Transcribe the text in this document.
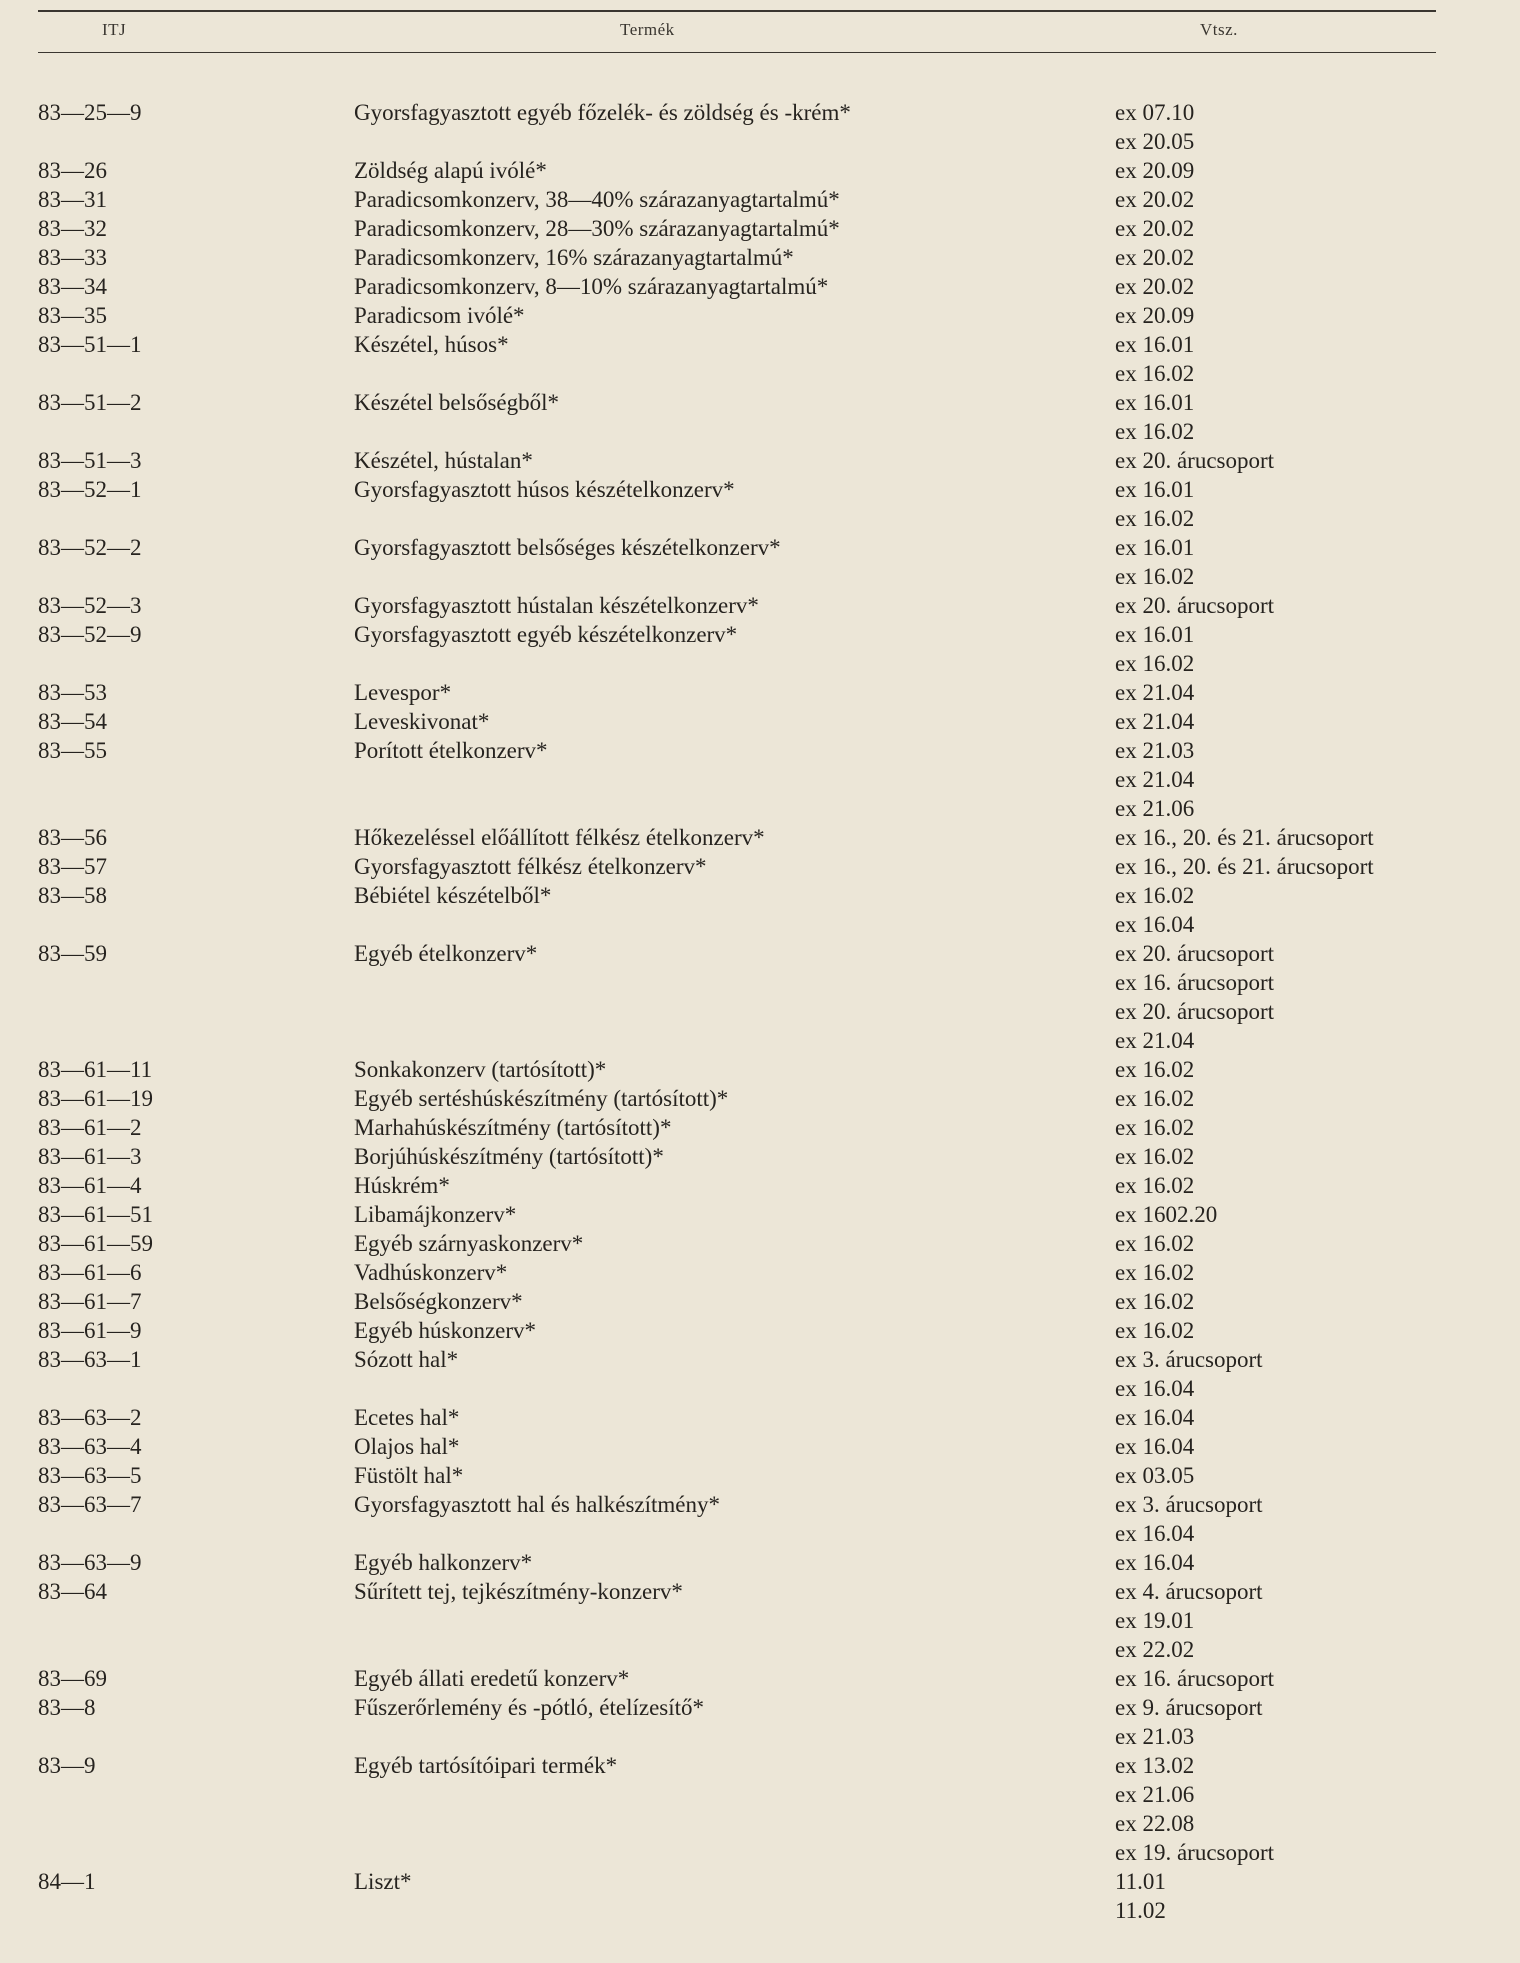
ITJ	Termék	Vtsz.
83—25—9	Gyorsfagyasztott egyéb főzelék- és zöldség és -krém*	ex 07.10
ex 20.05
83—26	Zöldség alapú ivólé*	ex 20.09
83—31	Paradicsomkonzerv, 38—40% szárazanyagtartalmú*	ex 20.02
83—32	Paradicsomkonzerv, 28—30% szárazanyagtartalmú*	ex 20.02
83—33	Paradicsomkonzerv, 16% szárazanyagtartalmú*	ex 20.02
83—34	Paradicsomkonzerv, 8—10% szárazanyagtartalmú*	ex 20.02
83—35	Paradicsom ivólé*	ex 20.09
83—51—1	Készétel, húsos*	ex 16.01
ex 16.02
83—51—2	Készétel belsőségből*	ex 16.01
ex 16.02
83—51—3	Készétel, hústalan*	ex 20. árucsoport
83—52—1	Gyorsfagyasztott húsos készételkonzerv*	ex 16.01
ex 16.02
83—52—2	Gyorsfagyasztott belsőséges készételkonzerv*	ex 16.01
ex 16.02
83—52—3	Gyorsfagyasztott hústalan készételkonzerv*	ex 20. árucsoport
83—52—9	Gyorsfagyasztott egyéb készételkonzerv*	ex 16.01
ex 16.02
83—53	Levespor*	ex 21.04
83—54	Leveskivonat*	ex 21.04
83—55	Porított ételkonzerv*	ex 21.03
ex 21.04
ex 21.06
83—56	Hőkezeléssel előállított félkész ételkonzerv*	ex 16., 20. és 21. árucsoport
83—57	Gyorsfagyasztott félkész ételkonzerv*	ex 16., 20. és 21. árucsoport
83—58	Bébiétel készételből*	ex 16.02
ex 16.04
83—59	Egyéb ételkonzerv*	ex 20. árucsoport
ex 16. árucsoport
ex 20. árucsoport
ex 21.04
83—61—11	Sonkakonzerv (tartósított)*	ex 16.02
83—61—19	Egyéb sertéshúskészítmény (tartósított)*	ex 16.02
83—61—2	Marhahúskészítmény (tartósított)*	ex 16.02
83—61—3	Borjúhúskészítmény (tartósított)*	ex 16.02
83—61—4	Húskrém*	ex 16.02
83—61—51	Libamájkonzerv*	ex 1602.20
83—61—59	Egyéb szárnyaskonzerv*	ex 16.02
83—61—6	Vadhúskonzerv*	ex 16.02
83—61—7	Belsőségkonzerv*	ex 16.02
83—61—9	Egyéb húskonzerv*	ex 16.02
83—63—1	Sózott hal*	ex 3. árucsoport
ex 16.04
83—63—2	Ecetes hal*	ex 16.04
83—63—4	Olajos hal*	ex 16.04
83—63—5	Füstölt hal*	ex 03.05
83—63—7	Gyorsfagyasztott hal és halkészítmény*	ex 3. árucsoport
ex 16.04
83—63—9	Egyéb halkonzerv*	ex 16.04
83—64	Sűrített tej, tejkészítmény-konzerv*	ex 4. árucsoport
ex 19.01
ex 22.02
83—69	Egyéb állati eredetű konzerv*	ex 16. árucsoport
83—8	Fűszerőrlemény és -pótló, ételízesítő*	ex 9. árucsoport
ex 21.03
83—9	Egyéb tartósítóipari termék*	ex 13.02
ex 21.06
ex 22.08
ex 19. árucsoport
84—1	Liszt*	11.01
11.02
